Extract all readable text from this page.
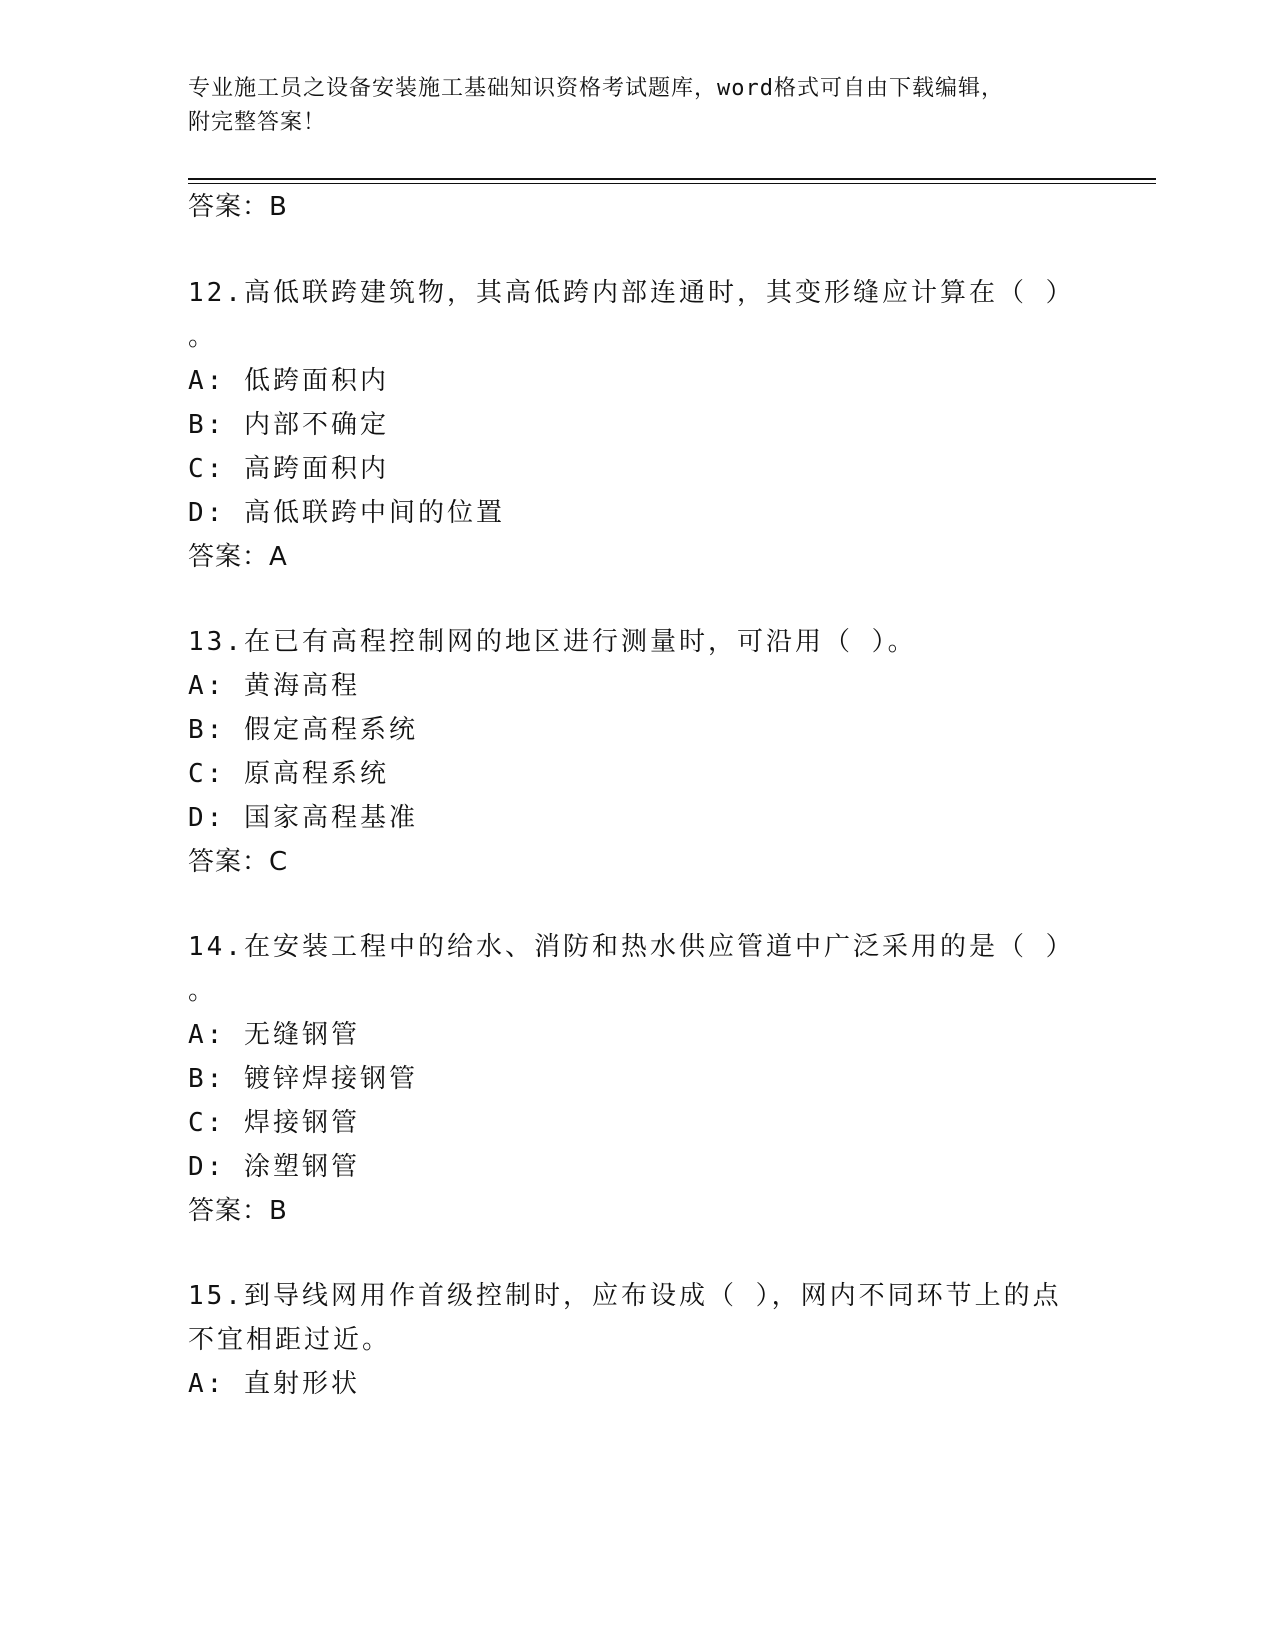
专业施工员之设备安装施工基础知识资格考试题库，word格式可自由下载编辑，
附完整答案！
答案：B
12.高低联跨建筑物，其高低跨内部连通时，其变形缝应计算在（ ）
。
A: 低跨面积内
B: 内部不确定
C: 高跨面积内
D: 高低联跨中间的位置
答案：A
13.在已有高程控制网的地区进行测量时，可沿用（ ）。
A: 黄海高程
B: 假定高程系统
C: 原高程系统
D: 国家高程基准
答案：C
14.在安装工程中的给水、消防和热水供应管道中广泛采用的是（ ）
。
A: 无缝钢管
B: 镀锌焊接钢管
C: 焊接钢管
D: 涂塑钢管
答案：B
15.到导线网用作首级控制时，应布设成（ ），网内不同环节上的点
不宜相距过近。
A: 直射形状
